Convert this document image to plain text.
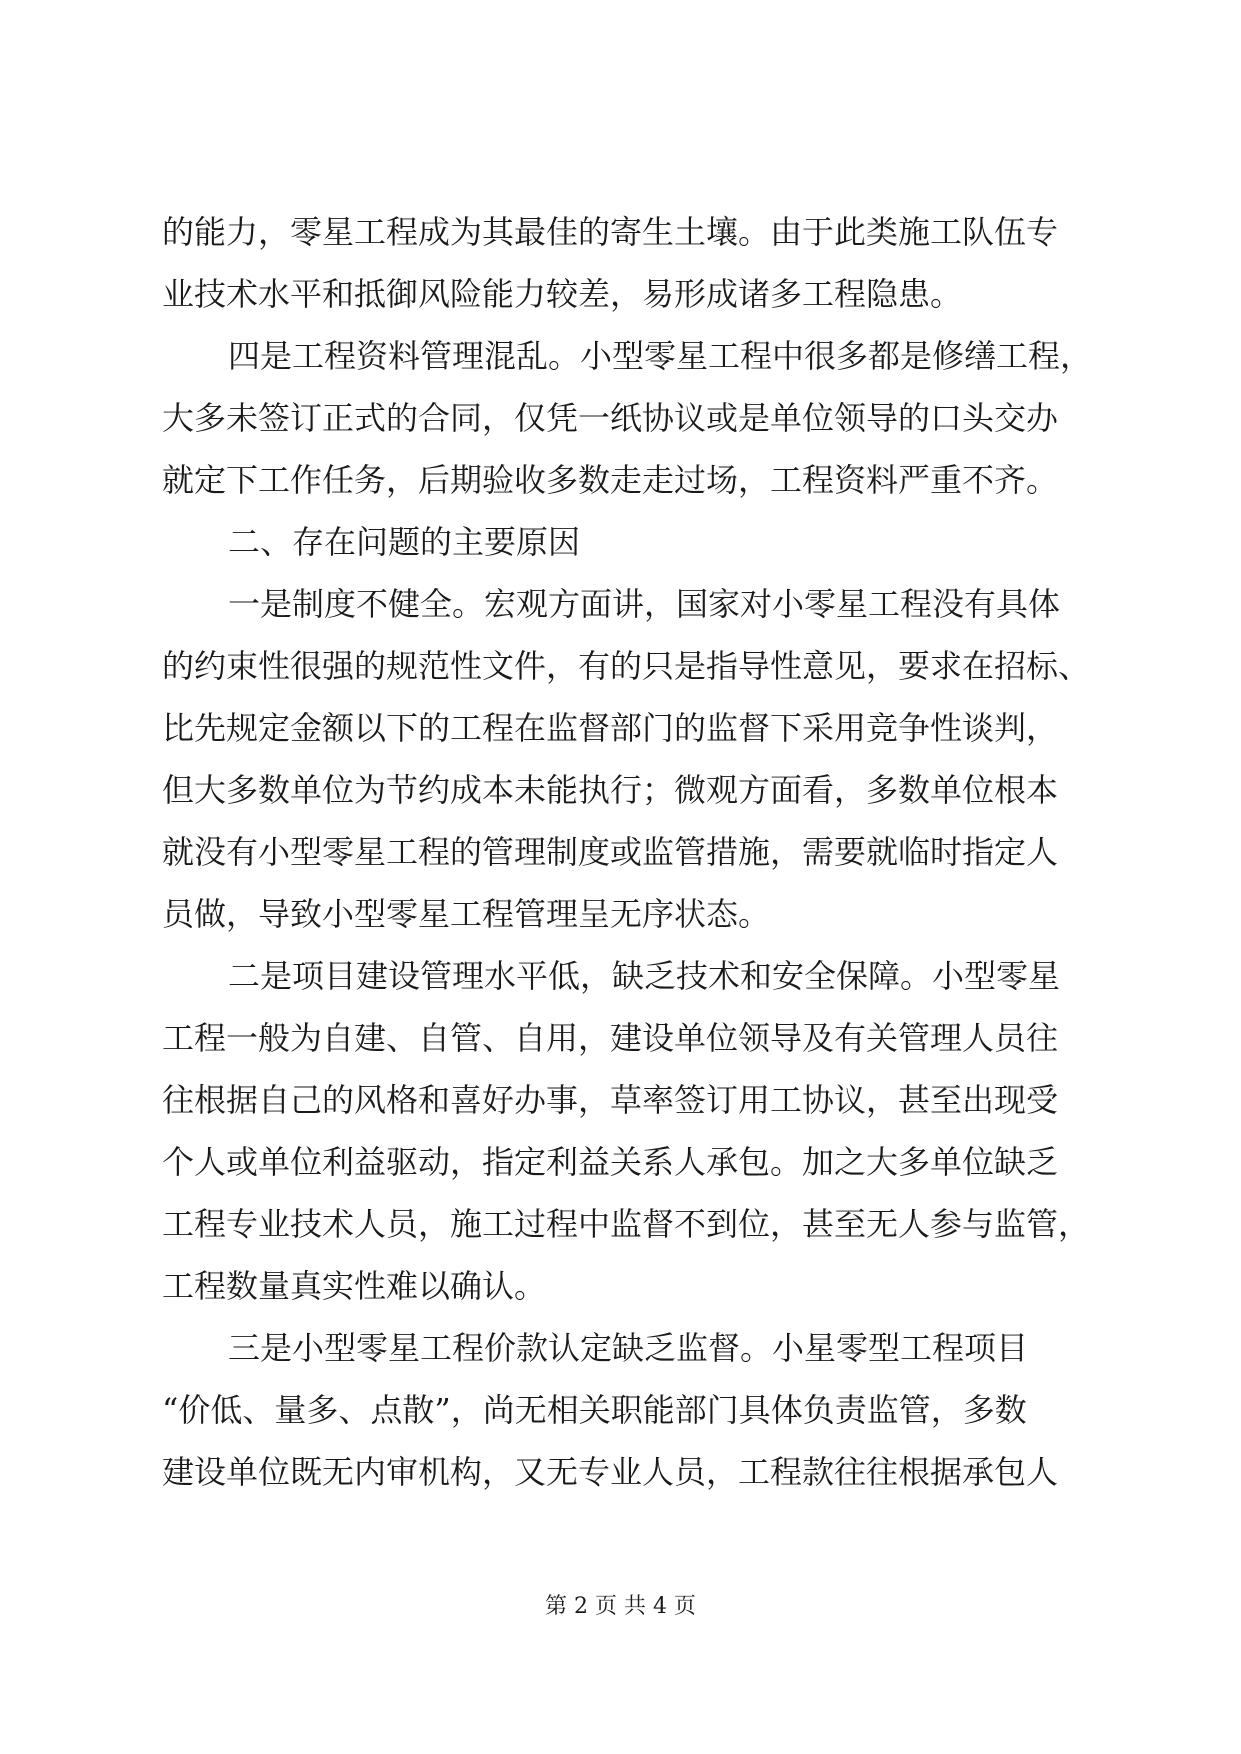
的能力，零星工程成为其最佳的寄生土壤。由于此类施工队伍专
业技术水平和抵御风险能力较差，易形成诸多工程隐患。
四是工程资料管理混乱。小型零星工程中很多都是修缮工程，
大多未签订正式的合同，仅凭一纸协议或是单位领导的口头交办
就定下工作任务，后期验收多数走走过场，工程资料严重不齐。
二、存在问题的主要原因
一是制度不健全。宏观方面讲，国家对小零星工程没有具体
的约束性很强的规范性文件，有的只是指导性意见，要求在招标、
比先规定金额以下的工程在监督部门的监督下采用竞争性谈判，
但大多数单位为节约成本未能执行；微观方面看，多数单位根本
就没有小型零星工程的管理制度或监管措施，需要就临时指定人
员做，导致小型零星工程管理呈无序状态。
二是项目建设管理水平低，缺乏技术和安全保障。小型零星
工程一般为自建、自管、自用，建设单位领导及有关管理人员往
往根据自己的风格和喜好办事，草率签订用工协议，甚至出现受
个人或单位利益驱动，指定利益关系人承包。加之大多单位缺乏
工程专业技术人员，施工过程中监督不到位，甚至无人参与监管，
工程数量真实性难以确认。
三是小型零星工程价款认定缺乏监督。小星零型工程项目
“价低、量多、点散”，尚无相关职能部门具体负责监管，多数
建设单位既无内审机构，又无专业人员，工程款往往根据承包人
第 2 页 共 4 页
